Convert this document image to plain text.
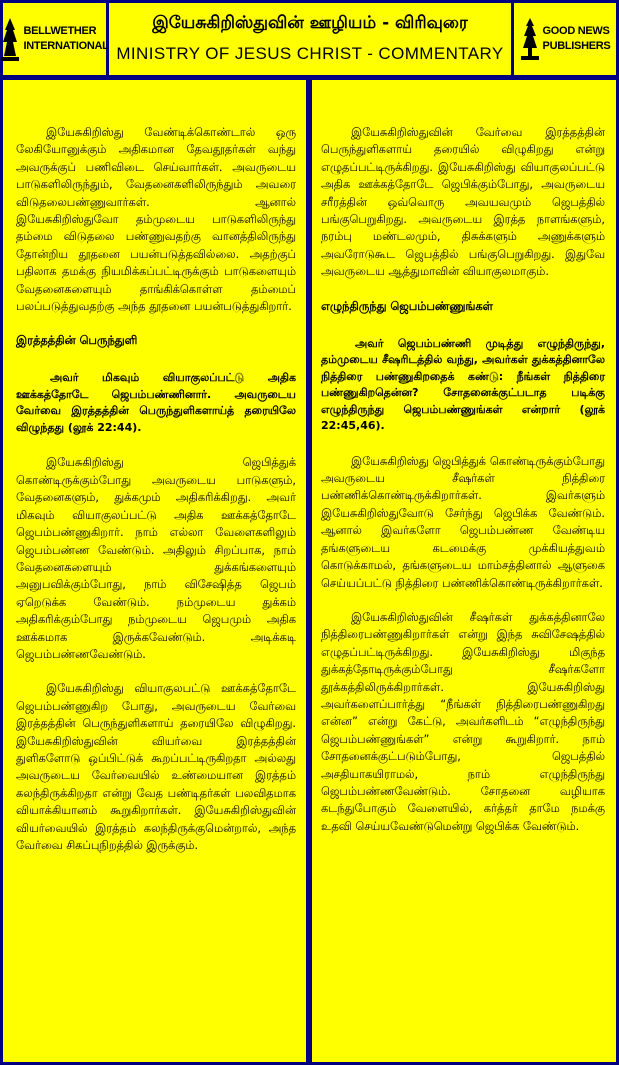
BELLWETHER
INTERNATIONAL
இயேசுகிறிஸ்துவின் ஊழியம் - விரிவுரை
MINISTRY OF JESUS CHRIST - COMMENTARY
GOOD NEWS
PUBLISHERS

இயேசுகிறிஸ்து வேண்டிக்கொண்டால் ஒரு லேகியோனுக்கும் அதிகமான தேவதூதர்கள் வந்து அவருக்குப் பணிவிடை செய்வார்கள். அவருடைய பாடுகளிலிருந்தும், வேதனைகளிலிருந்தும் அவரை விடுதலைபண்ணுவார்கள். ஆனால் இயேசுகிறிஸ்துவோ தம்முடைய பாடுகளிலிருந்து தம்மை விடுதலை பண்ணுவதற்கு வானத்திலிருந்து தோன்றிய தூதனை பயன்படுத்தவில்லை. அதற்குப் பதிலாக தமக்கு நியமிக்கப்பட்டிருக்கும் பாடுகளையும் வேதனைகளையும் தாங்கிக்கொள்ள தம்மைப் பலப்படுத்துவதற்கு அந்த தூதனை பயன்படுத்துகிறார்.

இரத்தத்தின் பெருந்துளி

அவர் மிகவும் வியாகுலப்பட்டு அதிக ஊக்கத்தோடே ஜெபம்பண்ணினார். அவருடைய வேர்வை இரத்தத்தின் பெருந்துளிகளாய்த் தரையிலே விழுந்தது (லூக் 22:44).

இயேசுகிறிஸ்து ஜெபித்துக் கொண்டிருக்கும்போது அவருடைய பாடுகளும், வேதனைகளும், துக்கமும் அதிகரிக்கிறது. அவர் மிகவும் வியாகுலப்பட்டு அதிக ஊக்கத்தோடே ஜெபம்பண்ணுகிறார். நாம் எல்லா வேளைகளிலும் ஜெபம்பண்ண வேண்டும். அதிலும் சிறப்பாக, நாம் வேதனைகளையும் துக்கங்களையும் அனுபவிக்கும்போது, நாம் விசேஷித்த ஜெபம் ஏறெடுக்க வேண்டும். நம்முடைய துக்கம் அதிகரிக்கும்போது நம்முடைய ஜெபமும் அதிக ஊக்கமாக இருக்கவேண்டும். அடிக்கடி ஜெபம்பண்ணவேண்டும்.

இயேசுகிறிஸ்து வியாகுலபட்டு ஊக்கத்தோடே ஜெபம்பண்ணுகிற போது, அவருடைய வேர்வை இரத்தத்தின் பெருந்துளிகளாய் தரையிலே விழுகிறது. இயேசுகிறிஸ்துவின் வியர்வை இரத்தத்தின் துளிகளோடு ஒப்பிட்டுக் கூறப்பட்டிருகிறதா அல்லது அவருடைய வேர்வையில் உண்மையான இரத்தம் கலந்திருக்கிறதா என்று வேத பண்டிதர்கள் பலவிதமாக வியாக்கியானம் கூறுகிறார்கள். இயேசுகிறிஸ்துவின் வியர்வையில் இரத்தம் கலந்திருக்குமென்றால், அந்த வேர்வை சிகப்புநிறத்தில் இருக்கும்.

இயேசுகிறிஸ்துவின் வேர்வை இரத்தத்தின் பெருந்துளிகளாய் தரையில் விழுகிறது என்று எழுதப்பட்டிருக்கிறது. இயேசுகிறிஸ்து வியாகுலப்பட்டு அதிக ஊக்கத்தோடே ஜெபிக்கும்போது, அவருடைய சரீரத்தின் ஒவ்வொரு அவயவமும் ஜெபத்தில் பங்குபெறுகிறது. அவருடைய இரத்த நாளங்களும், நரம்பு மண்டலமும், திசுக்களும் அணுக்களும் அவரோடுகூட ஜெபத்தில் பங்குபெறுகிறது. இதுவே அவருடைய ஆத்துமாவின் வியாகுலமாகும்.

எழுந்திருந்து ஜெபம்பண்ணுங்கள்

அவர் ஜெபம்பண்ணி முடித்து எழுந்திருந்து, தம்முடைய சீஷரிடத்தில் வந்து, அவர்கள் துக்கத்தினாலே நித்திரை பண்ணுகிறதைக் கண்டு: நீங்கள் நித்திரை பண்ணுகிறதென்ன? சோதனைக்குட்படாத படிக்கு எழுந்திருந்து ஜெபம்பண்ணுங்கள் என்றார் (லூக் 22:45,46).

இயேசுகிறிஸ்து ஜெபித்துக் கொண்டிருக்கும்போது அவருடைய சீஷர்கள் நித்திரை பண்ணிக்கொண்டிருக்கிறார்கள். இவர்களும் இயேசுகிறிஸ்துவோடு சேர்ந்து ஜெபிக்க வேண்டும். ஆனால் இவர்களோ ஜெபம்பண்ண வேண்டிய தங்களுடைய கடமைக்கு முக்கியத்துவம் கொடுக்காமல், தங்களுடைய மாம்சத்தினால் ஆளுகை செய்யப்பட்டு நித்திரை பண்ணிக்கொண்டிருக்கிறார்கள்.

இயேசுகிறிஸ்துவின் சீஷர்கள் துக்கத்தினாலே நித்திரைபண்ணுகிறார்கள் என்று இந்த சுவிசேஷத்தில் எழுதப்பட்டிருக்கிறது. இயேசுகிறிஸ்து மிகுந்த துக்கத்தோடிருக்கும்போது சீஷர்களோ தூக்கத்திலிருக்கிறார்கள். இயேசுகிறிஸ்து அவர்களைப்பார்த்து “நீங்கள் நித்திரைபண்ணுகிறது என்ன” என்று கேட்டு, அவர்களிடம் “எழுந்திருந்து ஜெபம்பண்ணுங்கள்” என்று கூறுகிறார். நாம் சோதனைக்குட்படும்போது, ஜெபத்தில் அசதியாகயிராமல், நாம் எழுந்திருந்து ஜெபம்பண்ணவேண்டும். சோதனை வழியாக கடந்துபோகும் வேளையில், கர்த்தர் தாமே நமக்கு உதவி செய்யவேண்டுமென்று ஜெபிக்க வேண்டும்.
